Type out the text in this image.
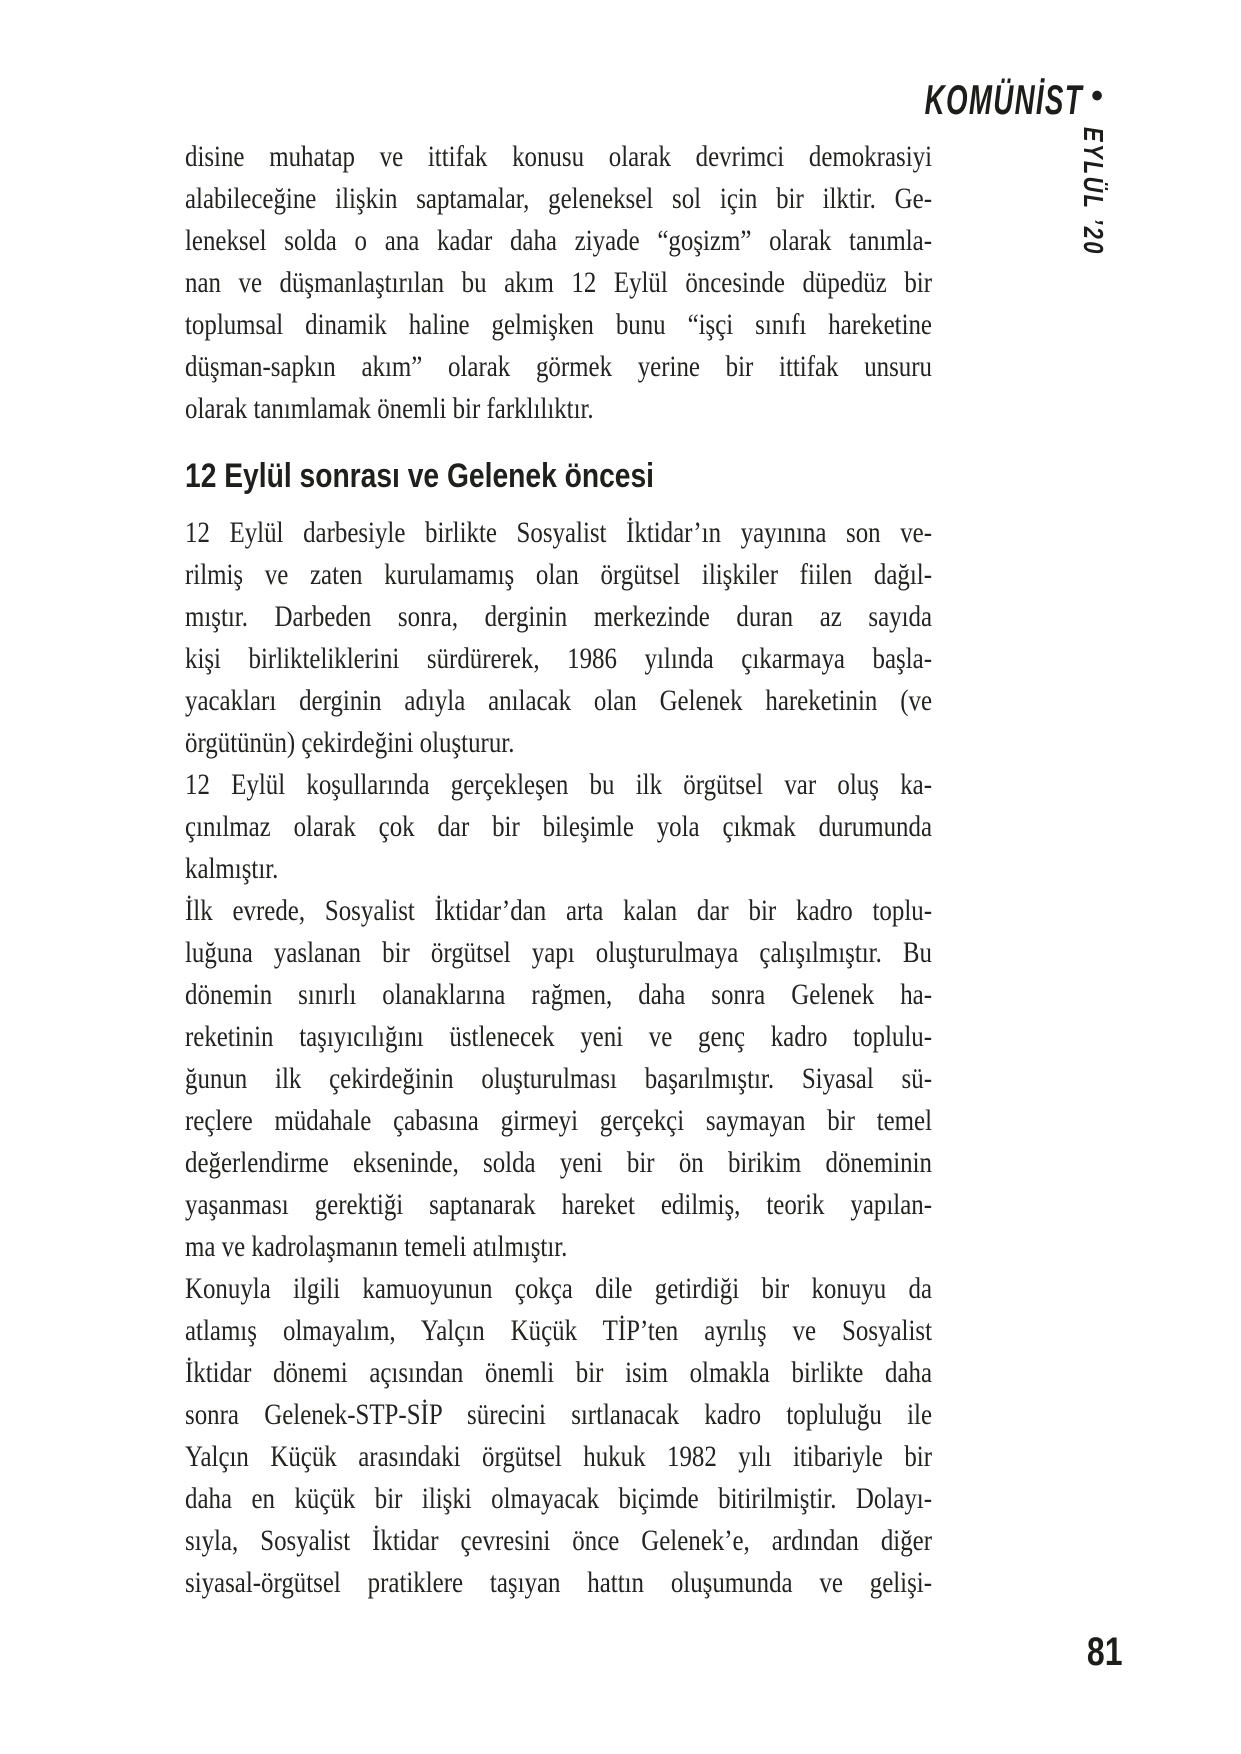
KOMÜNİST •
EYLÜL ’20
disine muhatap ve ittifak konusu olarak devrimci demokrasiyi
alabileceğine ilişkin saptamalar, geleneksel sol için bir ilktir. Ge-
leneksel solda o ana kadar daha ziyade “goşizm” olarak tanımla-
nan ve düşmanlaştırılan bu akım 12 Eylül öncesinde düpedüz bir
toplumsal dinamik haline gelmişken bunu “işçi sınıfı hareketine
düşman-sapkın akım” olarak görmek yerine bir ittifak unsuru
olarak tanımlamak önemli bir farklılıktır.
12 Eylül sonrası ve Gelenek öncesi
12 Eylül darbesiyle birlikte Sosyalist İktidar’ın yayınına son ve-
rilmiş ve zaten kurulamamış olan örgütsel ilişkiler fiilen dağıl-
mıştır. Darbeden sonra, derginin merkezinde duran az sayıda
kişi birlikteliklerini sürdürerek, 1986 yılında çıkarmaya başla-
yacakları derginin adıyla anılacak olan Gelenek hareketinin (ve
örgütünün) çekirdeğini oluşturur.
12 Eylül koşullarında gerçekleşen bu ilk örgütsel var oluş ka-
çınılmaz olarak çok dar bir bileşimle yola çıkmak durumunda
kalmıştır.
İlk evrede, Sosyalist İktidar’dan arta kalan dar bir kadro toplu-
luğuna yaslanan bir örgütsel yapı oluşturulmaya çalışılmıştır. Bu
dönemin sınırlı olanaklarına rağmen, daha sonra Gelenek ha-
reketinin taşıyıcılığını üstlenecek yeni ve genç kadro toplulu-
ğunun ilk çekirdeğinin oluşturulması başarılmıştır. Siyasal sü-
reçlere müdahale çabasına girmeyi gerçekçi saymayan bir temel
değerlendirme ekseninde, solda yeni bir ön birikim döneminin
yaşanması gerektiği saptanarak hareket edilmiş, teorik yapılan-
ma ve kadrolaşmanın temeli atılmıştır.
Konuyla ilgili kamuoyunun çokça dile getirdiği bir konuyu da
atlamış olmayalım, Yalçın Küçük TİP’ten ayrılış ve Sosyalist
İktidar dönemi açısından önemli bir isim olmakla birlikte daha
sonra Gelenek-STP-SİP sürecini sırtlanacak kadro topluluğu ile
Yalçın Küçük arasındaki örgütsel hukuk 1982 yılı itibariyle bir
daha en küçük bir ilişki olmayacak biçimde bitirilmiştir. Dolayı-
sıyla, Sosyalist İktidar çevresini önce Gelenek’e, ardından diğer
siyasal-örgütsel pratiklere taşıyan hattın oluşumunda ve gelişi-
81
